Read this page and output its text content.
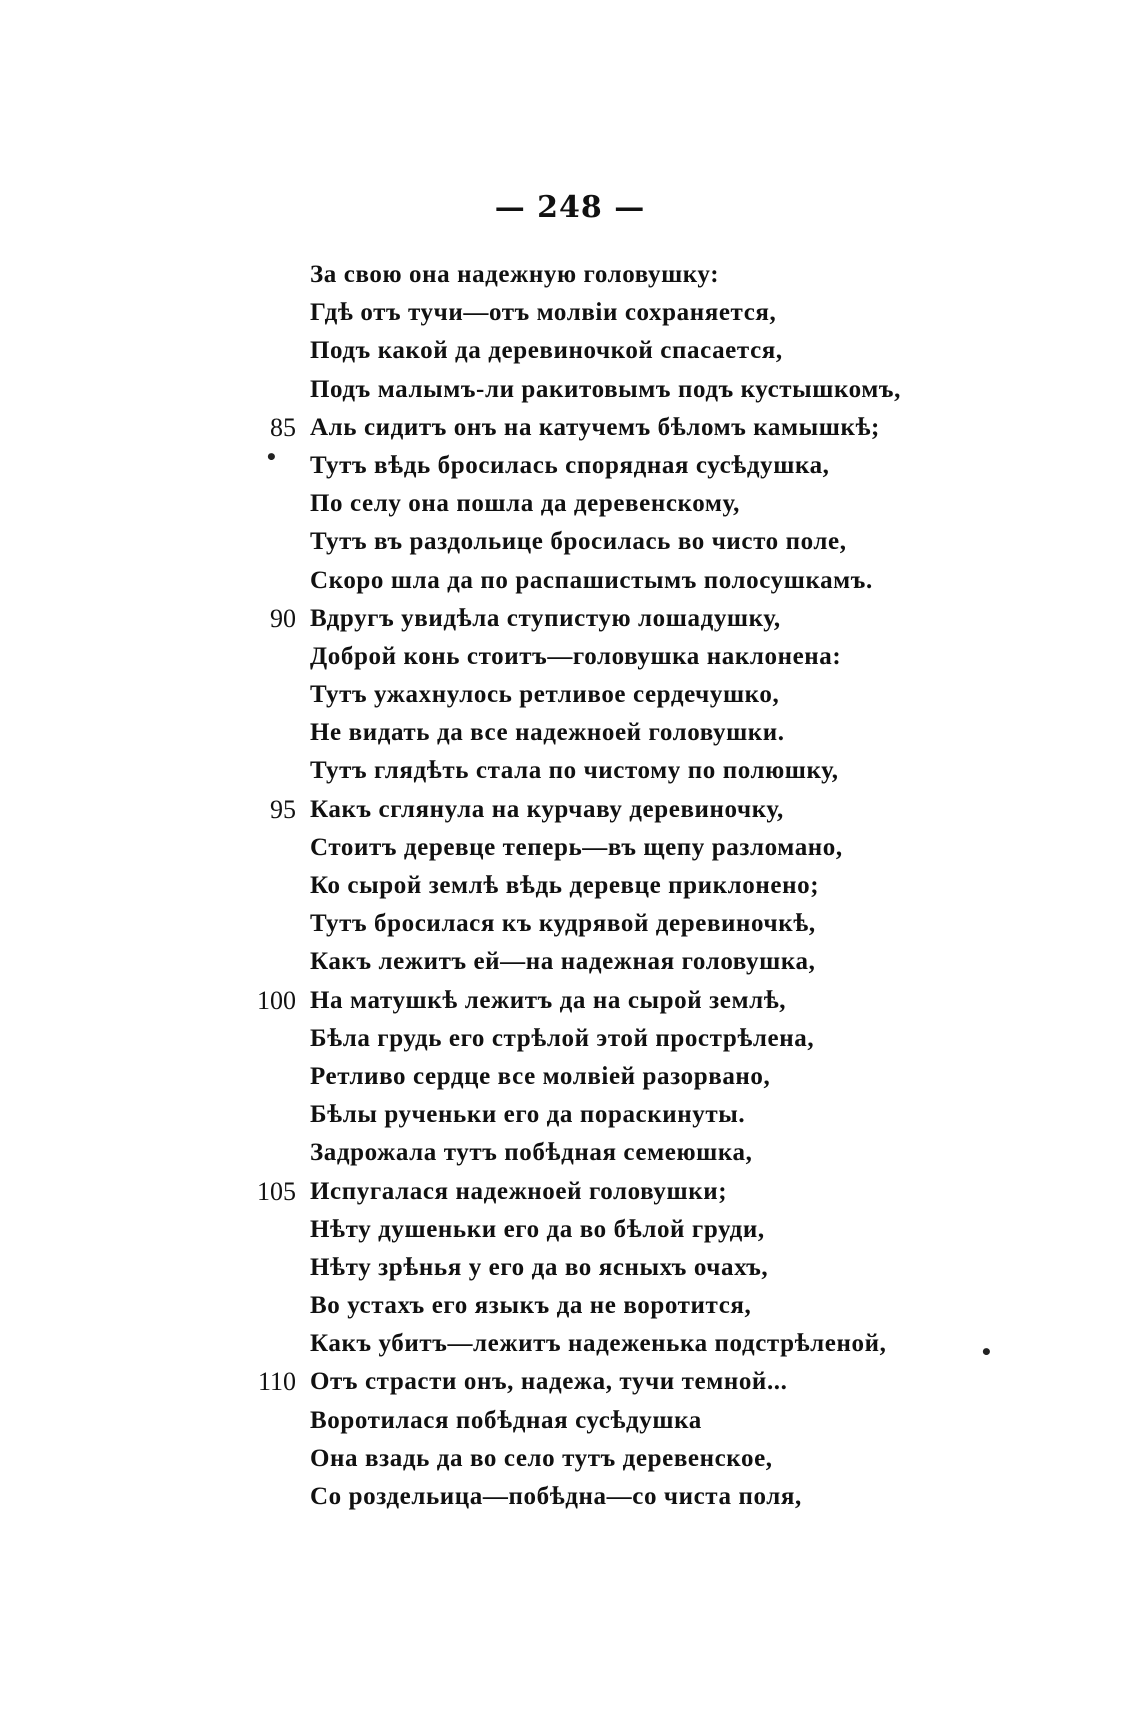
— 248 —
За свою она надежную головушку:
Гдѣ отъ тучи—отъ молвіи сохраняется,
Подъ какой да деревиночкой спасается,
Подъ малымъ-ли ракитовымъ подъ кустышкомъ,
85 Аль сидитъ онъ на катучемъ бѣломъ камышкѣ;
Тутъ вѣдь бросилась спорядная сусѣдушка,
По селу она пошла да деревенскому,
Тутъ въ раздольице бросилась во чисто поле,
Скоро шла да по распашистымъ полосушкамъ.
90 Вдругъ увидѣла ступистую лошадушку,
Доброй конь стоитъ—головушка наклонена:
Тутъ ужахнулось ретливое сердечушко,
Не видать да все надежноей головушки.
Тутъ глядѣть стала по чистому по полюшку,
95 Какъ сглянула на курчаву деревиночку,
Стоитъ деревце теперь—въ щепу разломано,
Ко сырой землѣ вѣдь деревце приклонено;
Тутъ бросилася къ кудрявой деревиночкѣ,
Какъ лежитъ ей—на надежная головушка,
100 На матушкѣ лежитъ да на сырой землѣ,
Бѣла грудь его стрѣлой этой прострѣлена,
Ретливо сердце все молвіей разорвано,
Бѣлы рученьки его да пораскинуты.
Задрожала тутъ побѣдная семеюшка,
105 Испугалася надежноей головушки;
Нѣту душеньки его да во бѣлой груди,
Нѣту зрѣнья у его да во ясныхъ очахъ,
Во устахъ его языкъ да не воротится,
Какъ убитъ—лежитъ надеженька подстрѣленой,
110 Отъ страсти онъ, надежа, тучи темной...
Воротилася побѣдная сусѣдушка
Она взадь да во село тутъ деревенское,
Со роздельица—побѣдна—со чиста поля,
•
•
